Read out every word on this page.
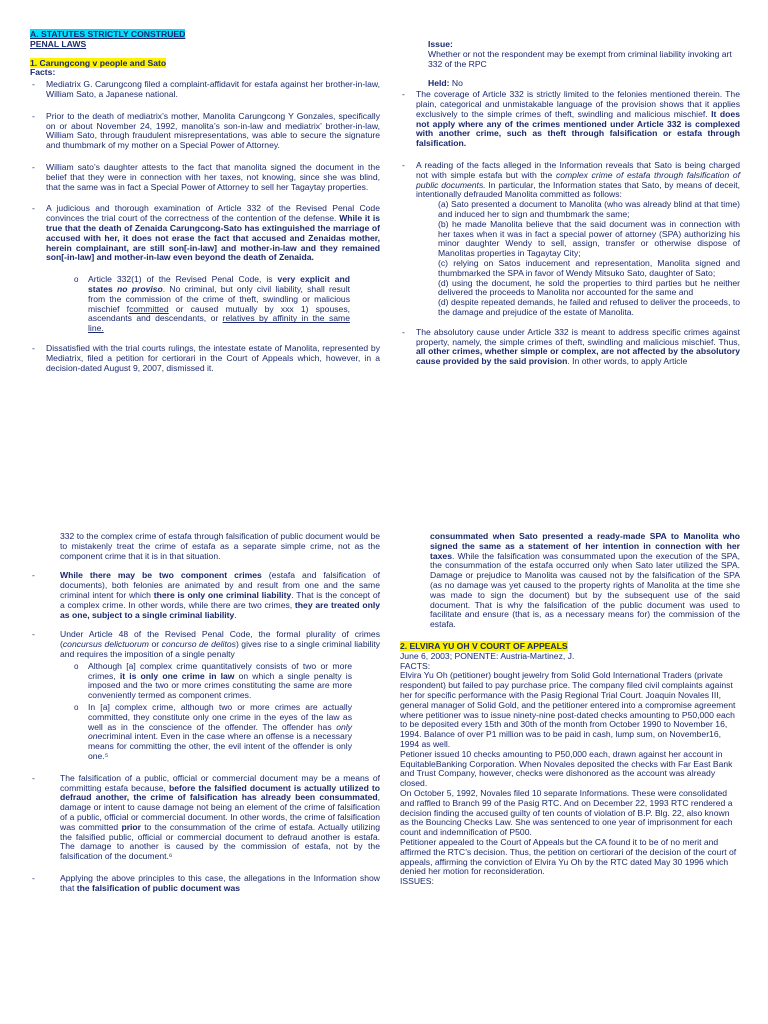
A. STATUTES STRICTLY CONSTRUED
PENAL LAWS
1. Carungcong v people and Sato
Facts:
- Mediatrix G. Carungcong filed a complaint-affidavit for estafa against her brother-in-law, William Sato, a Japanese national.
- Prior to the death of mediatrix’s mother, Manolita Carungcong Y Gonzales, specifically on or about November 24, 1992, manolita’s son-in-law and mediatrix’ brother-in-law, William Sato, through fraudulent misrepresentations, was able to secure the signature and thumbmark of my mother on a Special Power of Attorney.
- William sato’s daughter attests to the fact that manolita signed the document in the belief that they were in connection with her taxes, not knowing, since she was blind, that the same was in fact a Special Power of Attorney to sell her Tagaytay properties.
- A judicious and thorough examination of Article 332 of the Revised Penal Code convinces the trial court of the correctness of the contention of the defense. While it is true that the death of Zenaida Carungcong-Sato has extinguished the marriage of accused with her, it does not erase the fact that accused and Zenaidas mother, herein complainant, are still son[-in-law] and mother-in-law and they remained son[-in-law] and mother-in-law even beyond the death of Zenaida.
o Article 332(1) of the Revised Penal Code, is very explicit and states no proviso. No criminal, but only civil liability, shall result from the commission of the crime of theft, swindling or malicious mischief fcommitted or caused mutually by xxx 1) spouses, ascendants and descendants, or relatives by affinity in the same line.
- Dissatisfied with the trial courts rulings, the intestate estate of Manolita, represented by Mediatrix, filed a petition for certiorari in the Court of Appeals which, however, in a decision-dated August 9, 2007, dismissed it.
Issue:
Whether or not the respondent may be exempt from criminal liability invoking art 332 of the RPC
Held: No
- The coverage of Article 332 is strictly limited to the felonies mentioned therein. The plain, categorical and unmistakable language of the provision shows that it applies exclusively to the simple crimes of theft, swindling and malicious mischief. It does not apply where any of the crimes mentioned under Article 332 is complexed with another crime, such as theft through falsification or estafa through falsification.
- A reading of the facts alleged in the Information reveals that Sato is being charged not with simple estafa but with the complex crime of estafa through falsification of public documents. In particular, the Information states that Sato, by means of deceit, intentionally defrauded Manolita committed as follows:
(a) Sato presented a document to Manolita (who was already blind at that time) and induced her to sign and thumbmark the same;
(b) he made Manolita believe that the said document was in connection with her taxes when it was in fact a special power of attorney (SPA) authorizing his minor daughter Wendy to sell, assign, transfer or otherwise dispose of Manolitas properties in Tagaytay City;
(c) relying on Satos inducement and representation, Manolita signed and thumbmarked the SPA in favor of Wendy Mitsuko Sato, daughter of Sato;
(d) using the document, he sold the properties to third parties but he neither delivered the proceeds to Manolita nor accounted for the same and
(d) despite repeated demands, he failed and refused to deliver the proceeds, to the damage and prejudice of the estate of Manolita.
- The absolutory cause under Article 332 is meant to address specific crimes against property, namely, the simple crimes of theft, swindling and malicious mischief. Thus, all other crimes, whether simple or complex, are not affected by the absolutory cause provided by the said provision. In other words, to apply Article
332 to the complex crime of estafa through falsification of public document would be to mistakenly treat the crime of estafa as a separate simple crime, not as the component crime that it is in that situation.
- While there may be two component crimes (estafa and falsification of documents), both felonies are animated by and result from one and the same criminal intent for which there is only one criminal liability. That is the concept of a complex crime. In other words, while there are two crimes, they are treated only as one, subject to a single criminal liability.
- Under Article 48 of the Revised Penal Code, the formal plurality of crimes (concursus delictuorum or concurso de delitos) gives rise to a single criminal liability and requires the imposition of a single penalty
o Although [a] complex crime quantitatively consists of two or more crimes, it is only one crime in law on which a single penalty is imposed and the two or more crimes constituting the same are more conveniently termed as component crimes.
o In [a] complex crime, although two or more crimes are actually committed, they constitute only one crime in the eyes of the law as well as in the conscience of the offender. The offender has only onecriminal intent. Even in the case where an offense is a necessary means for committing the other, the evil intent of the offender is only one.⁵
- The falsification of a public, official or commercial document may be a means of committing estafa because, before the falsified document is actually utilized to defraud another, the crime of falsification has already been consummated, damage or intent to cause damage not being an element of the crime of falsification of a public, official or commercial document. In other words, the crime of falsification was committed prior to the consummation of the crime of estafa. Actually utilizing the falsified public, official or commercial document to defraud another is estafa. The damage to another is caused by the commission of estafa, not by the falsification of the document.⁶
- Applying the above principles to this case, the allegations in the Information show that the falsification of public document was
consummated when Sato presented a ready-made SPA to Manolita who signed the same as a statement of her intention in connection with her taxes. While the falsification was consummated upon the execution of the SPA, the consummation of the estafa occurred only when Sato later utilized the SPA. Damage or prejudice to Manolita was caused not by the falsification of the SPA (as no damage was yet caused to the property rights of Manolita at the time she was made to sign the document) but by the subsequent use of the said document. That is why the falsification of the public document was used to facilitate and ensure (that is, as a necessary means for) the commission of the estafa.
2. ELVIRA YU OH V COURT OF APPEALS
June 6, 2003; PONENTE: Austria-Martinez, J.
FACTS:
Elvira Yu Oh (petitioner) bought jewelry from Solid Gold International Traders (private respondent) but failed to pay purchase price. The company filed civil complaints against her for specific performance with the Pasig Regional Trial Court. Joaquin Novales III, general manager of Solid Gold, and the petitioner entered into a compromise agreement where petitioner was to issue ninety-nine post-dated checks amounting to P50,000 each to be deposited every 15th and 30th of the month from October 1990 to November 16, 1994. Balance of over P1 million was to be paid in cash, lump sum, on November16, 1994 as well.
Petioner issued 10 checks amounting to P50,000 each, drawn against her account in EquitableBanking Corporation. When Novales deposited the checks with Far East Bank and Trust Company, however, checks were dishonored as the account was already closed.
On October 5, 1992, Novales filed 10 separate Informations. These were consolidated and raffled to Branch 99 of the Pasig RTC. And on December 22, 1993 RTC rendered a decision finding the accused guilty of ten counts of violation of B.P. Blg. 22, also known as the Bouncing Checks Law. She was sentenced to one year of imprisonment for each count and indemnification of P500.
Petitioner appealed to the Court of Appeals but the CA found it to be of no merit and affirmed the RTC’s decision. Thus, the petition on certiorari of the decision of the court of appeals, affirming the conviction of Elvira Yu Oh by the RTC dated May 30 1996 which denied her motion for reconsideration.
ISSUES:
